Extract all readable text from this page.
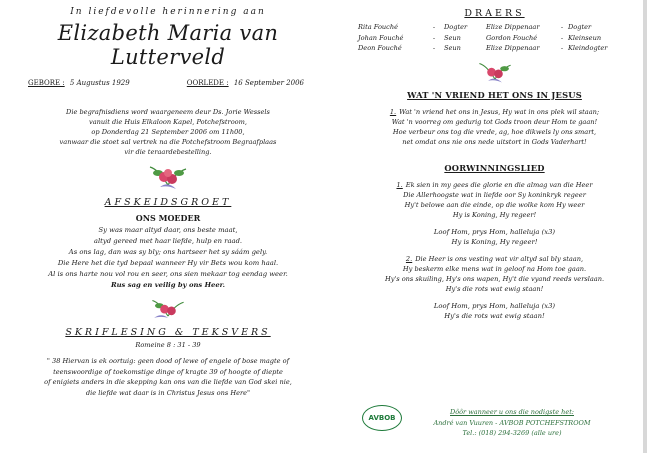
In liefdevolle herinnering aan
Elizabeth Maria van Lutterveld
GEBORE : 5 Augustus 1929	OORLEDE : 16 September 2006
Die begrafnisdiens word waargeneem deur Ds. Jorie Wessels
vanuit die Huis Elkaloon Kapel, Potchefstroom,
op Donderdag 21 September 2006 om 11h00,
vanwaar die stoet sal vertrek na die Potchefstroom Begraafplaas
vir die teraardebestelling.
AFSKEIDSGROET
ONS MOEDER
Sy was maar altyd daar, ons beste maat,
altyd gereed met haar liefde, hulp en raad.
As ons lag, dan was sy bly; ons hartseer het sy sáám gely.
Die Here het die tyd bepaal wanneer Hy vir Bets wou kom haal.
Al is ons harte nou vol rou en seer, ons sien mekaar tog eendag weer.
Rus sag en veilig by ons Heer.
SKRIFLESING & TEKSVERS
Romeine 8 : 31 - 39
" 38 Hiervan is ek oortuig: geen dood of lewe of engele of bose magte of
teenswoordige of toekomstige dinge of kragte 39 of hoogte of diepte
of enigiets anders in die skepping kan ons van die liefde van God skei nie,
die liefde wat daar is in Christus Jesus ons Here"
DRAERS
Rita Fouché	-	Dogter	Elize Dippenaar	- Dogter
Johan Fouché	-	Seun	Gordon Fouché	- Kleinseun
Deon Fouché	-	Seun	Elize Dippenaar	- Kleindogter
WAT 'N VRIEND HET ONS IN JESUS
1. Wat 'n vriend het ons in Jesus, Hy wat in ons plek wil staan;
Wat 'n voorreg om gedurig tot Gods troon deur Hom te gaan!
Hoe verbeur ons tog die vrede, ag, hoe dikwels ly ons smart,
net omdat ons nie ons nede uitstort in Gods Vaderhart!
OORWINNINGSLIED
1. Ek sien in my gees die glorie en die almag van die Heer
Die Allerhoogste wat in liefde oor Sy koninkryk regeer
Hy't belowe aan die einde, op die wolke kom Hy weer
Hy is Koning, Hy regeer!
Loof Hom, prys Hom, halleluja (x3)
Hy is Koning, Hy regeer!
2. Die Heer is ons vesting wat vir altyd sal bly staan,
Hy beskerm elke mens wat in geloof na Hom toe gaan.
Hy's ons skuiling, Hy's ons wapen, Hy't die vyand reeds verslaan.
Hy's die rots wat ewig staan!
Loof Hom, prys Hom, halleluja (x3)
Hy's die rots wat ewig staan!
AVBOB
Dôôr wanneer u ons die nodigste het:
André van Vuuren - AVBOB POTCHEFSTROOM
Tel.: (018) 294-3269 (alle ure)
